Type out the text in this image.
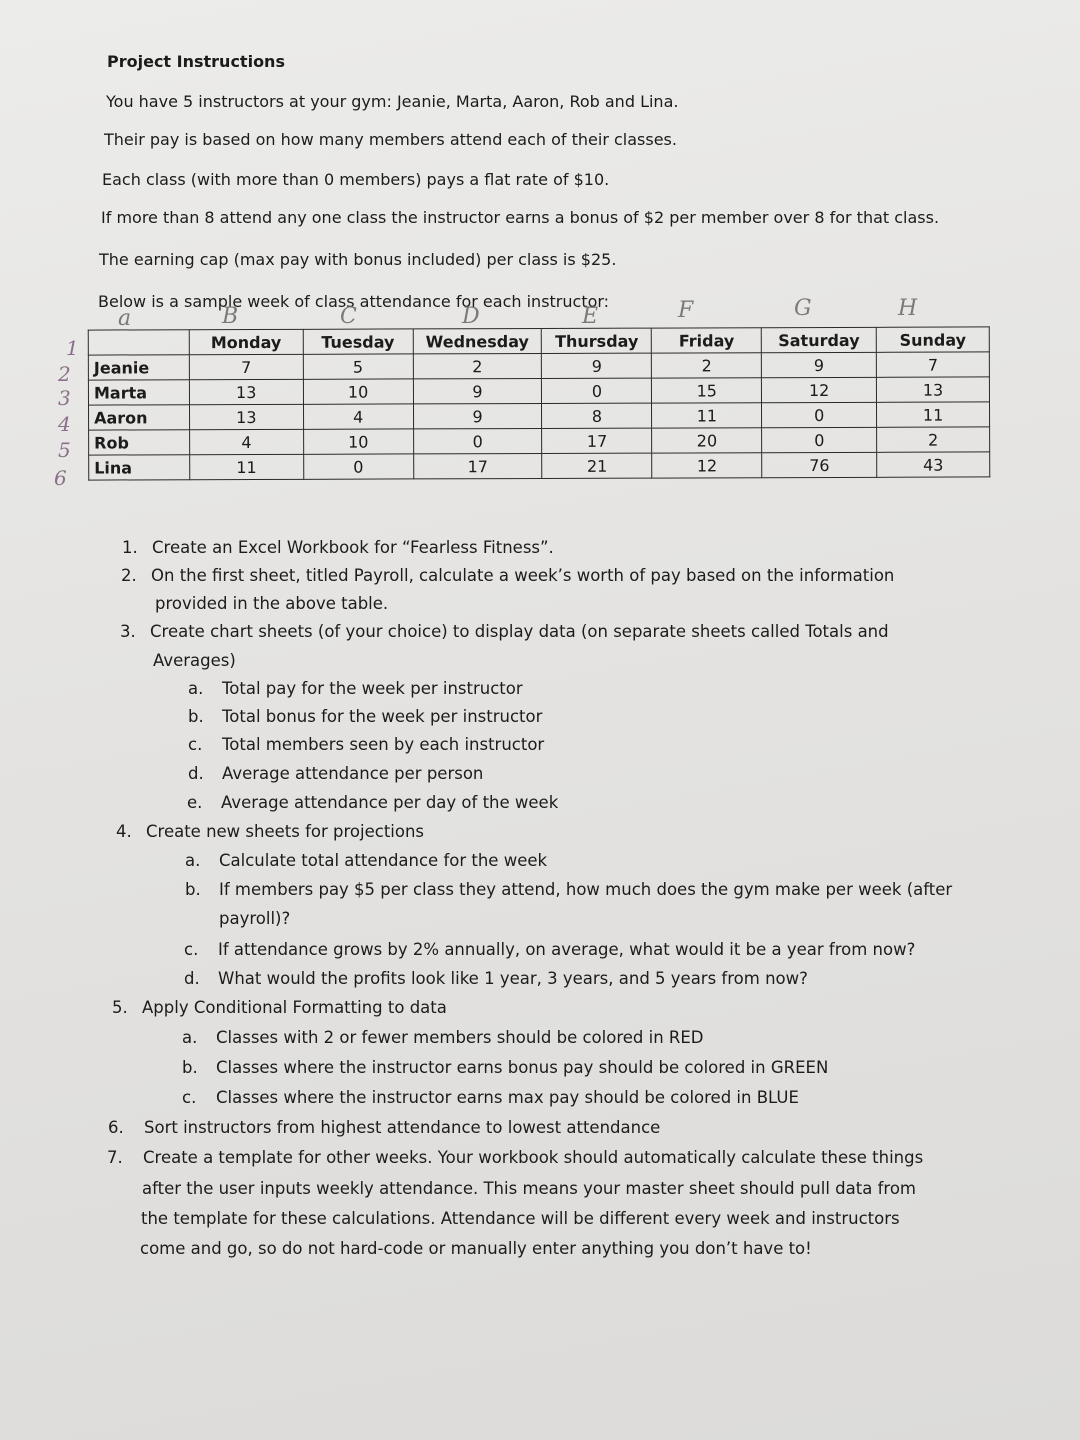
Project Instructions
You have 5 instructors at your gym: Jeanie, Marta, Aaron, Rob and Lina.
Their pay is based on how many members attend each of their classes.
Each class (with more than 0 members) pays a flat rate of $10.
If more than 8 attend any one class the instructor earns a bonus of $2 per member over 8 for that class.
The earning cap (max pay with bonus included) per class is $25.
Below is a sample week of class attendance for each instructor:
a	B	C	D	E	F	G	H
1
2
3
4
5
6
	Monday	Tuesday	Wednesday	Thursday	Friday	Saturday	Sunday
Jeanie	7	5	2	9	2	9	7
Marta	13	10	9	0	15	12	13
Aaron	13	4	9	8	11	0	11
Rob	4	10	0	17	20	0	2
Lina	11	0	17	21	12	76	43
1. Create an Excel Workbook for “Fearless Fitness”.
2. On the first sheet, titled Payroll, calculate a week’s worth of pay based on the information
provided in the above table.
3. Create chart sheets (of your choice) to display data (on separate sheets called Totals and
Averages)
a. Total pay for the week per instructor
b. Total bonus for the week per instructor
c. Total members seen by each instructor
d. Average attendance per person
e. Average attendance per day of the week
4. Create new sheets for projections
a. Calculate total attendance for the week
b. If members pay $5 per class they attend, how much does the gym make per week (after
payroll)?
c. If attendance grows by 2% annually, on average, what would it be a year from now?
d. What would the profits look like 1 year, 3 years, and 5 years from now?
5. Apply Conditional Formatting to data
a. Classes with 2 or fewer members should be colored in RED
b. Classes where the instructor earns bonus pay should be colored in GREEN
c. Classes where the instructor earns max pay should be colored in BLUE
6. Sort instructors from highest attendance to lowest attendance
7. Create a template for other weeks. Your workbook should automatically calculate these things
after the user inputs weekly attendance. This means your master sheet should pull data from
the template for these calculations. Attendance will be different every week and instructors
come and go, so do not hard-code or manually enter anything you don’t have to!
